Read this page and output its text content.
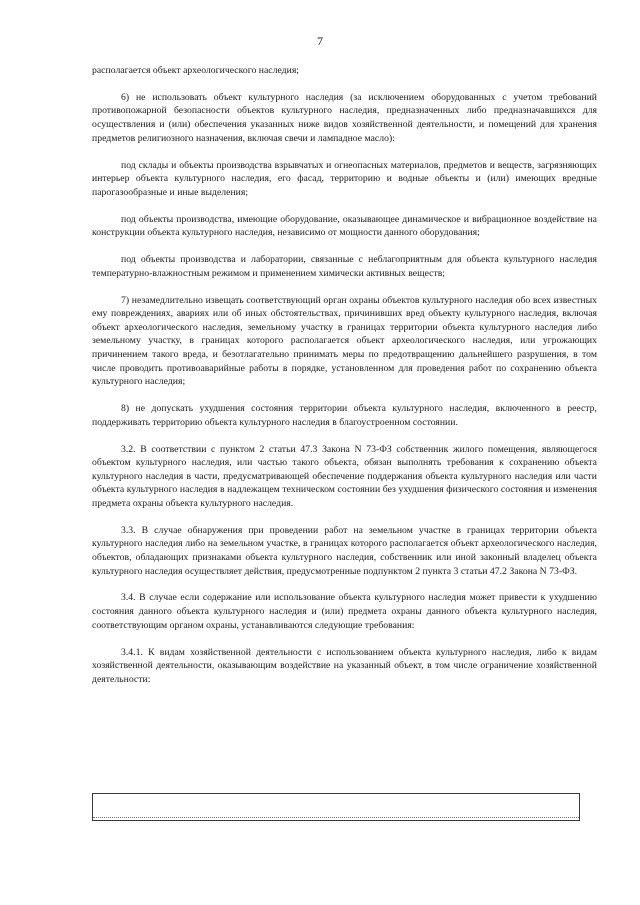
7

располагается объект археологического наследия;

6) не использовать объект культурного наследия (за исключением оборудованных с учетом требований противопожарной безопасности объектов культурного наследия, предназначенных либо предназначавшихся для осуществления и (или) обеспечения указанных ниже видов хозяйственной деятельности, и помещений для хранения предметов религиозного назначения, включая свечи и лампадное масло):

под склады и объекты производства взрывчатых и огнеопасных материалов, предметов и веществ, загрязняющих интерьер объекта культурного наследия, его фасад, территорию и водные объекты и (или) имеющих вредные парогазообразные и иные выделения;

под объекты производства, имеющие оборудование, оказывающее динамическое и вибрационное воздействие на конструкции объекта культурного наследия, независимо от мощности данного оборудования;

под объекты производства и лаборатории, связанные с неблагоприятным для объекта культурного наследия температурно-влажностным режимом и применением химически активных веществ;

7) незамедлительно извещать соответствующий орган охраны объектов культурного наследия обо всех известных ему повреждениях, авариях или об иных обстоятельствах, причинивших вред объекту культурного наследия, включая объект археологического наследия, земельному участку в границах территории объекта культурного наследия либо земельному участку, в границах которого располагается объект археологического наследия, или угрожающих причинением такого вреда, и безотлагательно принимать меры по предотвращению дальнейшего разрушения, в том числе проводить противоаварийные работы в порядке, установленном для проведения работ по сохранению объекта культурного наследия;

8) не допускать ухудшения состояния территории объекта культурного наследия, включенного в реестр, поддерживать территорию объекта культурного наследия в благоустроенном состоянии.

3.2. В соответствии с пунктом 2 статьи 47.3 Закона N 73-ФЗ собственник жилого помещения, являющегося объектом культурного наследия, или частью такого объекта, обязан выполнять требования к сохранению объекта культурного наследия в части, предусматривающей обеспечение поддержания объекта культурного наследия или части объекта культурного наследия в надлежащем техническом состоянии без ухудшения физического состояния и изменения предмета охраны объекта культурного наследия.

3.3. В случае обнаружения при проведении работ на земельном участке в границах территории объекта культурного наследия либо на земельном участке, в границах которого располагается объект археологического наследия, объектов, обладающих признаками объекта культурного наследия, собственник или иной законный владелец объекта культурного наследия осуществляет действия, предусмотренные подпунктом 2 пункта 3 статьи 47.2 Закона N 73-ФЗ.

3.4. В случае если содержание или использование объекта культурного наследия может привести к ухудшению состояния данного объекта культурного наследия и (или) предмета охраны данного объекта культурного наследия, соответствующим органом охраны, устанавливаются следующие требования:

3.4.1. К видам хозяйственной деятельности с использованием объекта культурного наследия, либо к видам хозяйственной деятельности, оказывающим воздействие на указанный объект, в том числе ограничение хозяйственной деятельности:
